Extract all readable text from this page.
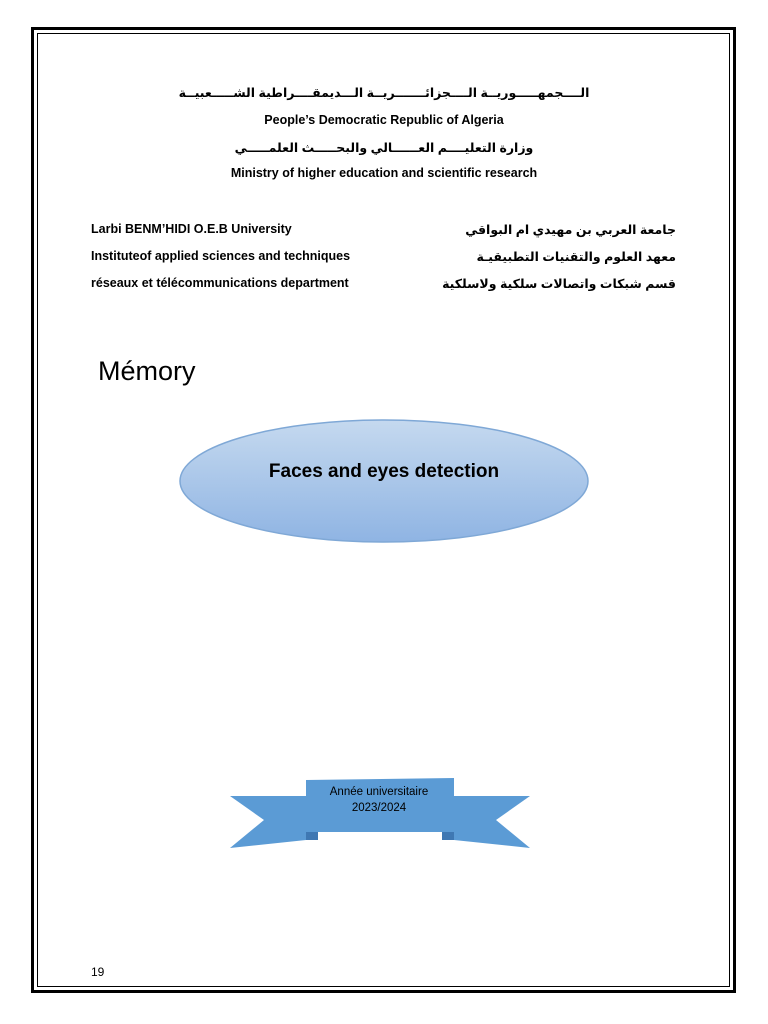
الــــجمهـــــوريــة الــــجزائـــــــريــة الـــديمقــــراطية الشـــــعبيــة
People’s Democratic Republic of Algeria
وزارة التعليــــم العــــــالي والبحـــــث العلمـــــي
Ministry of higher education and scientific research
Larbi BENM’HIDI O.E.B University	جامعة العربي بن مهيدي ام البواقي
Instituteof applied sciences and techniques	معهد العلوم والتقنيات التطبيقيـة
réseaux et télécommunications department	قسم شبكات واتصالات سلكية ولاسلكية
Mémory
Faces and eyes detection
Année universitaire
2023/2024
19
